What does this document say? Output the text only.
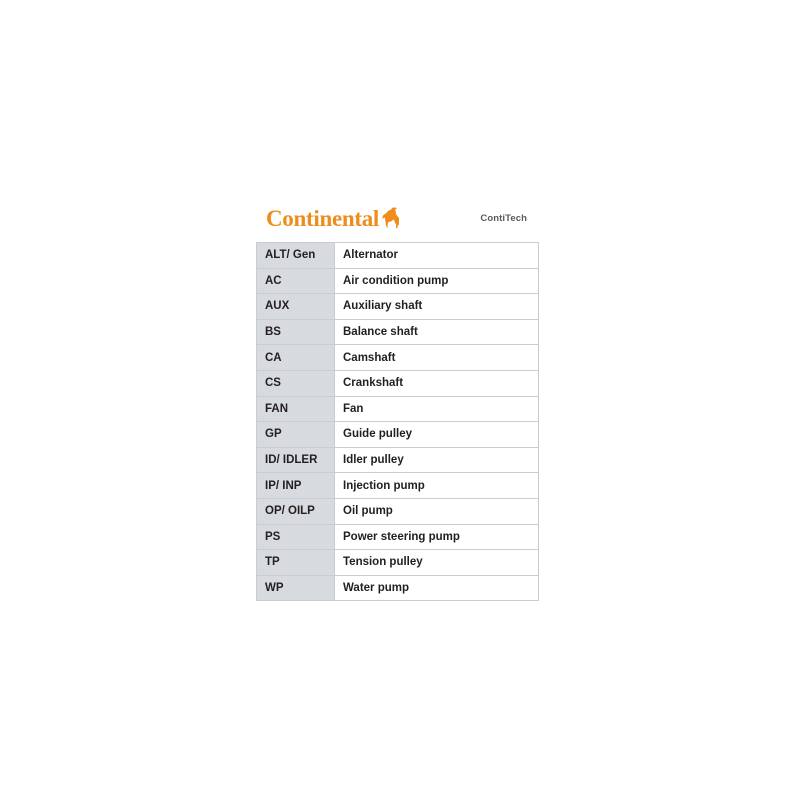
Continental	ContiTech
ALT/ Gen	Alternator
AC	Air condition pump
AUX	Auxiliary shaft
BS	Balance shaft
CA	Camshaft
CS	Crankshaft
FAN	Fan
GP	Guide pulley
ID/ IDLER	Idler pulley
IP/ INP	Injection pump
OP/ OILP	Oil pump
PS	Power steering pump
TP	Tension pulley
WP	Water pump
